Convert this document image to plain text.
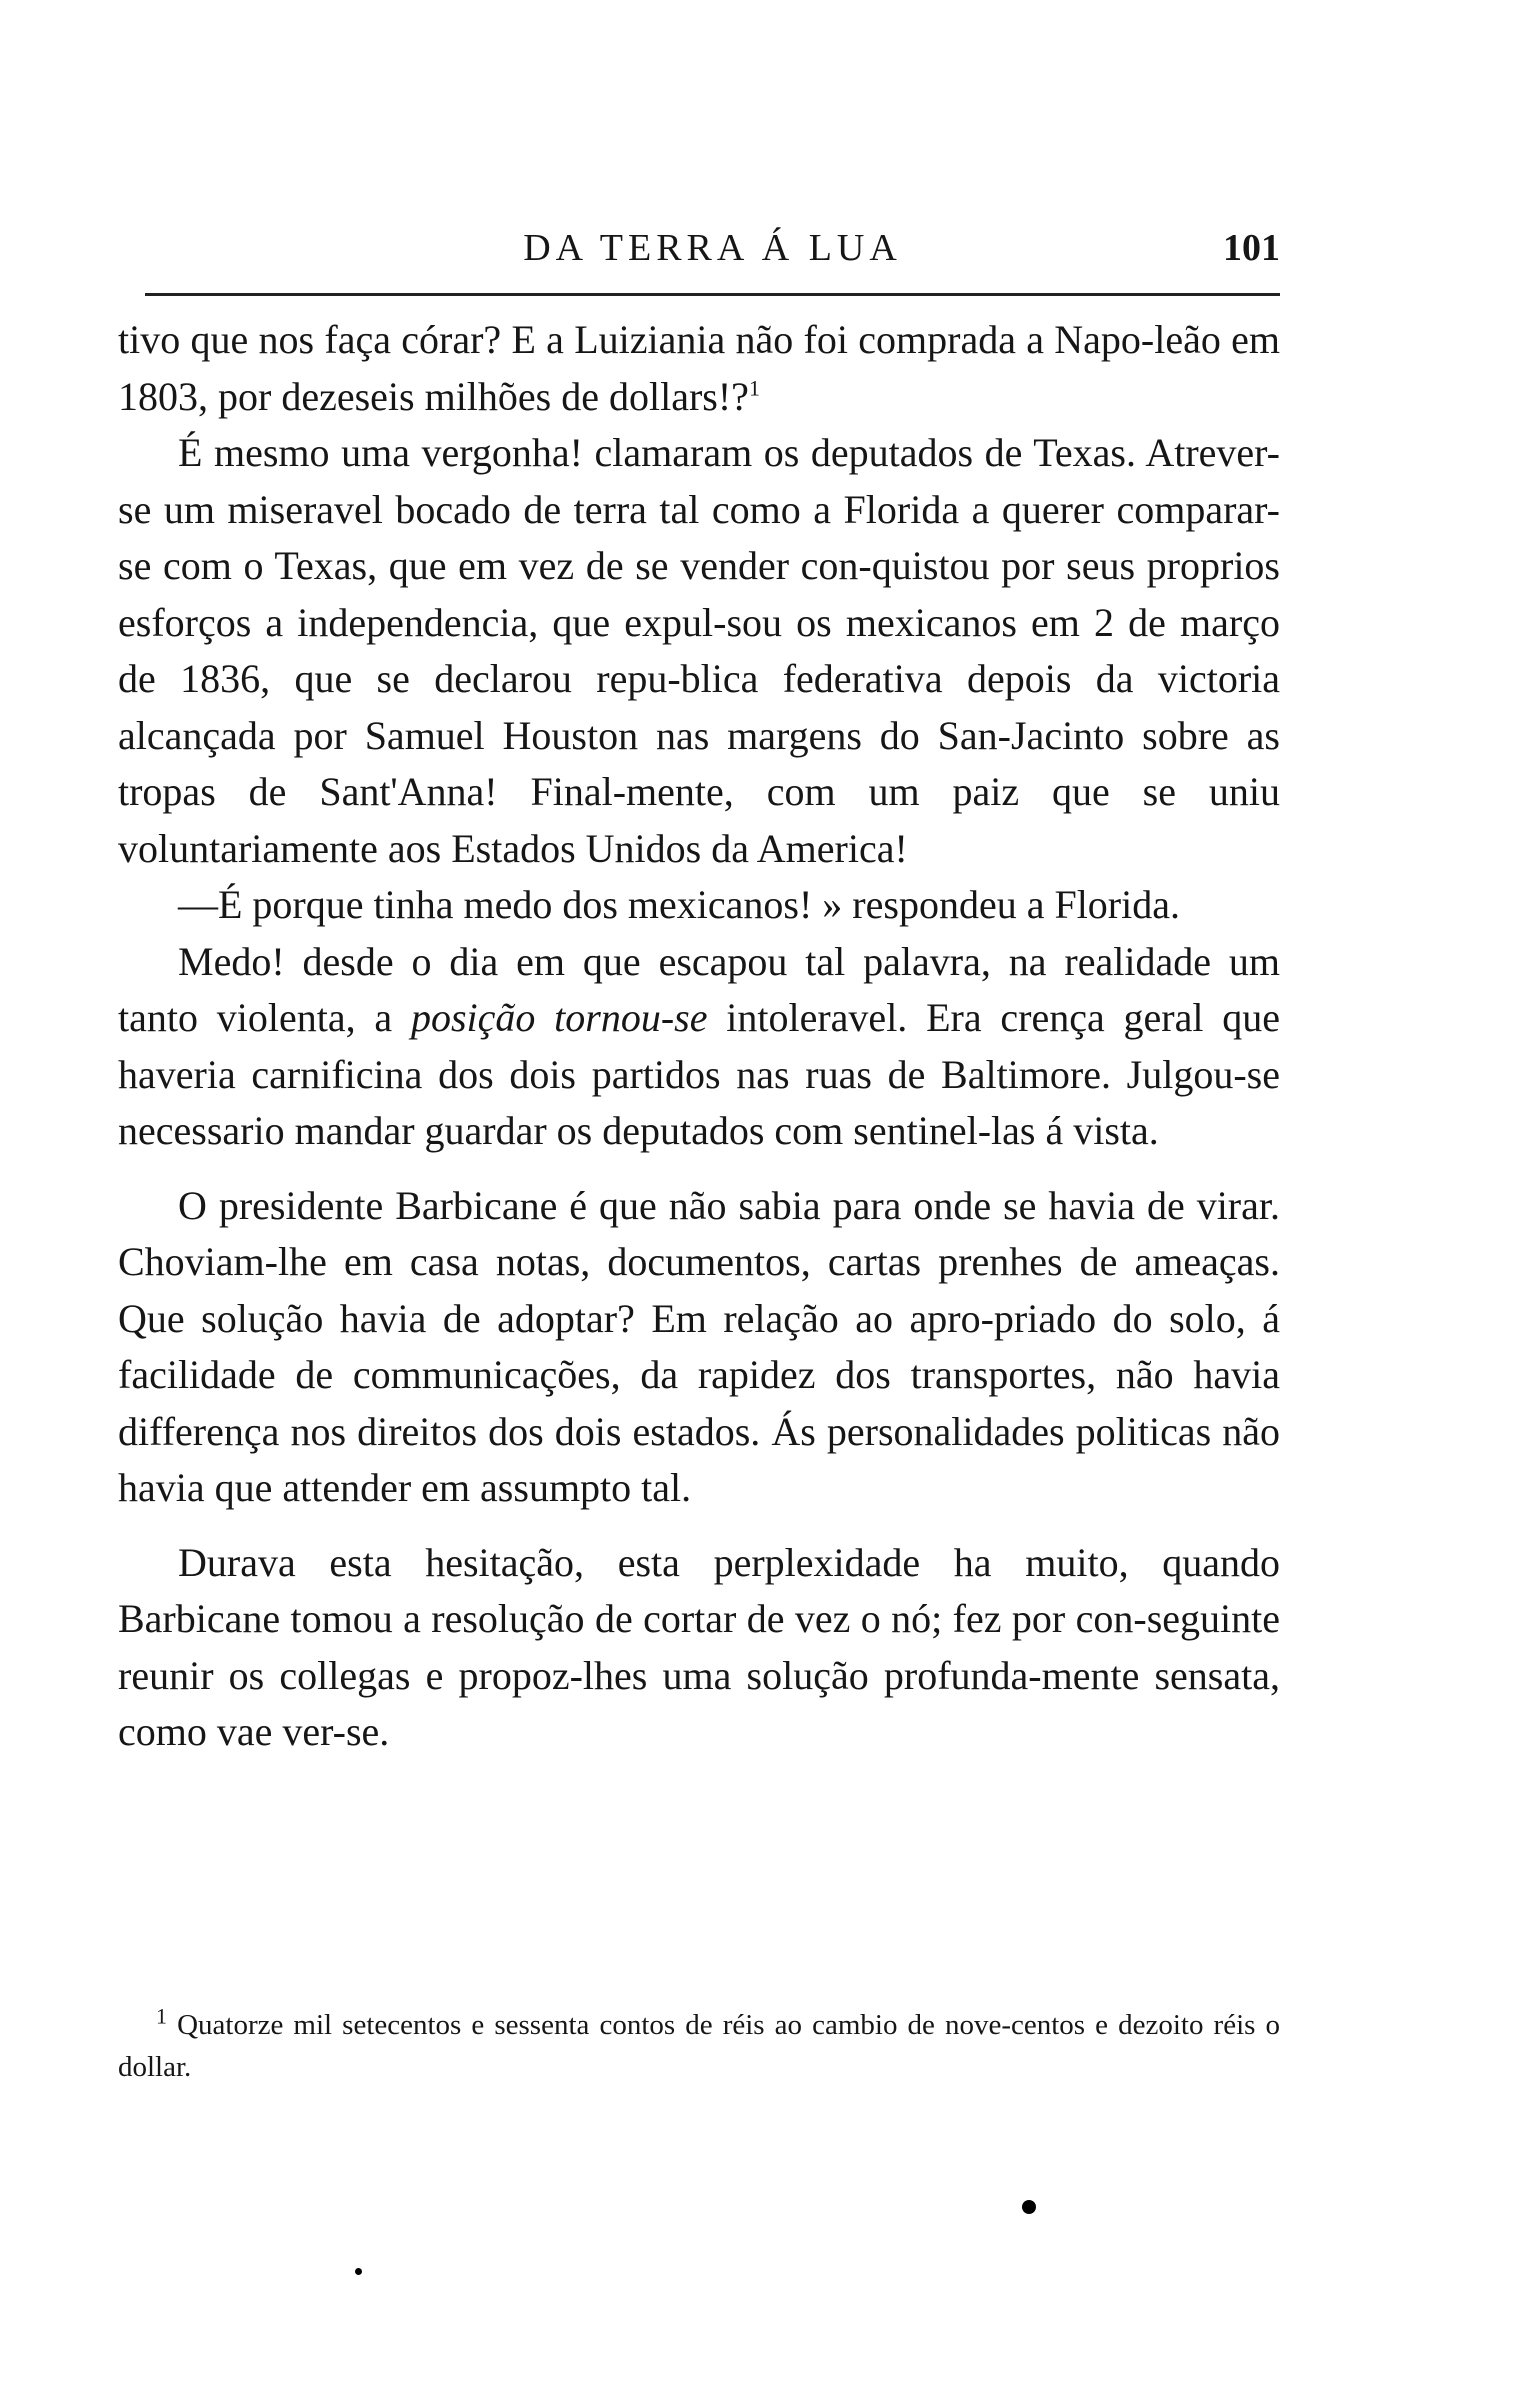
DA TERRA Á LUA	101

tivo que nos faça córar? E a Luiziania não foi comprada a Napo-leão em 1803, por dezeseis milhões de dollars!?$^1$

É mesmo uma vergonha! clamaram os deputados de Texas. Atrever-se um miseravel bocado de terra tal como a Florida a querer comparar-se com o Texas, que em vez de se vender con-quistou por seus proprios esforços a independencia, que expul-sou os mexicanos em 2 de março de 1836, que se declarou repu-blica federativa depois da victoria alcançada por Samuel Houston nas margens do San-Jacinto sobre as tropas de Sant'Anna! Final-mente, com um paiz que se uniu voluntariamente aos Estados Unidos da America!

—É porque tinha medo dos mexicanos! » respondeu a Florida.

Medo! desde o dia em que escapou tal palavra, na realidade um tanto violenta, a posição tornou-se intoleravel. Era crença geral que haveria carnificina dos dois partidos nas ruas de Baltimore. Julgou-se necessario mandar guardar os deputados com sentinel-las á vista.

O presidente Barbicane é que não sabia para onde se havia de virar. Choviam-lhe em casa notas, documentos, cartas prenhes de ameaças. Que solução havia de adoptar? Em relação ao apro-priado do solo, á facilidade de communicações, da rapidez dos transportes, não havia differença nos direitos dos dois estados. Ás personalidades politicas não havia que attender em assumpto tal.

Durava esta hesitação, esta perplexidade ha muito, quando Barbicane tomou a resolução de cortar de vez o nó; fez por con-seguinte reunir os collegas e propoz-lhes uma solução profunda-mente sensata, como vae ver-se.

$^1$ Quatorze mil setecentos e sessenta contos de réis ao cambio de nove-centos e dezoito réis o dollar.
